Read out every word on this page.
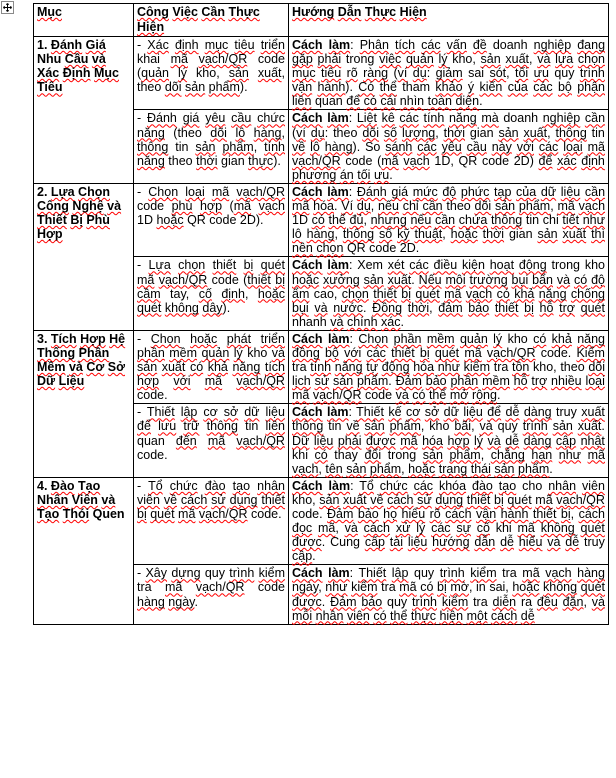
Mục	Công Việc Cần Thực Hiện	Hướng Dẫn Thực Hiện

1. Đánh Giá Nhu Cầu và Xác Định Mục Tiêu	- Xác định mục tiêu triển khai mã vạch/QR code (quản lý kho, sản xuất, theo dõi sản phẩm).	Cách làm: Phân tích các vấn đề doanh nghiệp đang gặp phải trong việc quản lý kho, sản xuất, và lựa chọn mục tiêu rõ ràng (ví dụ: giảm sai sót, tối ưu quy trình vận hành). Có thể tham khảo ý kiến của các bộ phận liên quan để có cái nhìn toàn diện.
	- Đánh giá yêu cầu chức năng (theo dõi lô hàng, thông tin sản phẩm, tính năng theo thời gian thực).	Cách làm: Liệt kê các tính năng mà doanh nghiệp cần (ví dụ: theo dõi số lượng, thời gian sản xuất, thông tin về lô hàng). So sánh các yêu cầu này với các loại mã vạch/QR code (mã vạch 1D, QR code 2D) để xác định phương án tối ưu.
2. Lựa Chọn Công Nghệ và Thiết Bị Phù Hợp	- Chọn loại mã vạch/QR code phù hợp (mã vạch 1D hoặc QR code 2D).	Cách làm: Đánh giá mức độ phức tạp của dữ liệu cần mã hóa. Ví dụ, nếu chỉ cần theo dõi sản phẩm, mã vạch 1D có thể đủ, nhưng nếu cần chứa thông tin chi tiết như lô hàng, thông số kỹ thuật, hoặc thời gian sản xuất thì nên chọn QR code 2D.
	- Lựa chọn thiết bị quét mã vạch/QR code (thiết bị cầm tay, cố định, hoặc quét không dây).	Cách làm: Xem xét các điều kiện hoạt động trong kho hoặc xưởng sản xuất. Nếu môi trường bụi bẩn và có độ ẩm cao, chọn thiết bị quét mã vạch có khả năng chống bụi và nước. Đồng thời, đảm bảo thiết bị hỗ trợ quét nhanh và chính xác.
3. Tích Hợp Hệ Thống Phần Mềm và Cơ Sở Dữ Liệu	- Chọn hoặc phát triển phần mềm quản lý kho và sản xuất có khả năng tích hợp với mã vạch/QR code.	Cách làm: Chọn phần mềm quản lý kho có khả năng đồng bộ với các thiết bị quét mã vạch/QR code. Kiểm tra tính năng tự động hóa như kiểm tra tồn kho, theo dõi lịch sử sản phẩm. Đảm bảo phần mềm hỗ trợ nhiều loại mã vạch/QR code và có thể mở rộng.
	- Thiết lập cơ sở dữ liệu để lưu trữ thông tin liên quan đến mã vạch/QR code.	Cách làm: Thiết kế cơ sở dữ liệu để dễ dàng truy xuất thông tin về sản phẩm, kho bãi, và quy trình sản xuất. Dữ liệu phải được mã hóa hợp lý và dễ dàng cập nhật khi có thay đổi trong sản phẩm, chẳng hạn như mã vạch, tên sản phẩm, hoặc trạng thái sản phẩm.
4. Đào Tạo Nhân Viên và Tạo Thói Quen	- Tổ chức đào tạo nhân viên về cách sử dụng thiết bị quét mã vạch/QR code.	Cách làm: Tổ chức các khóa đào tạo cho nhân viên kho, sản xuất về cách sử dụng thiết bị quét mã vạch/QR code. Đảm bảo họ hiểu rõ cách vận hành thiết bị, cách đọc mã, và cách xử lý các sự cố khi mã không quét được. Cung cấp tài liệu hướng dẫn dễ hiểu và dễ truy cập.
	- Xây dựng quy trình kiểm tra mã vạch/QR code hàng ngày.	Cách làm: Thiết lập quy trình kiểm tra mã vạch hàng ngày, như kiểm tra mã có bị mờ, in sai, hoặc không quét được. Đảm bảo quy trình kiểm tra diễn ra đều đặn, và mỗi nhân viên có thể thực hiện một cách dễ
